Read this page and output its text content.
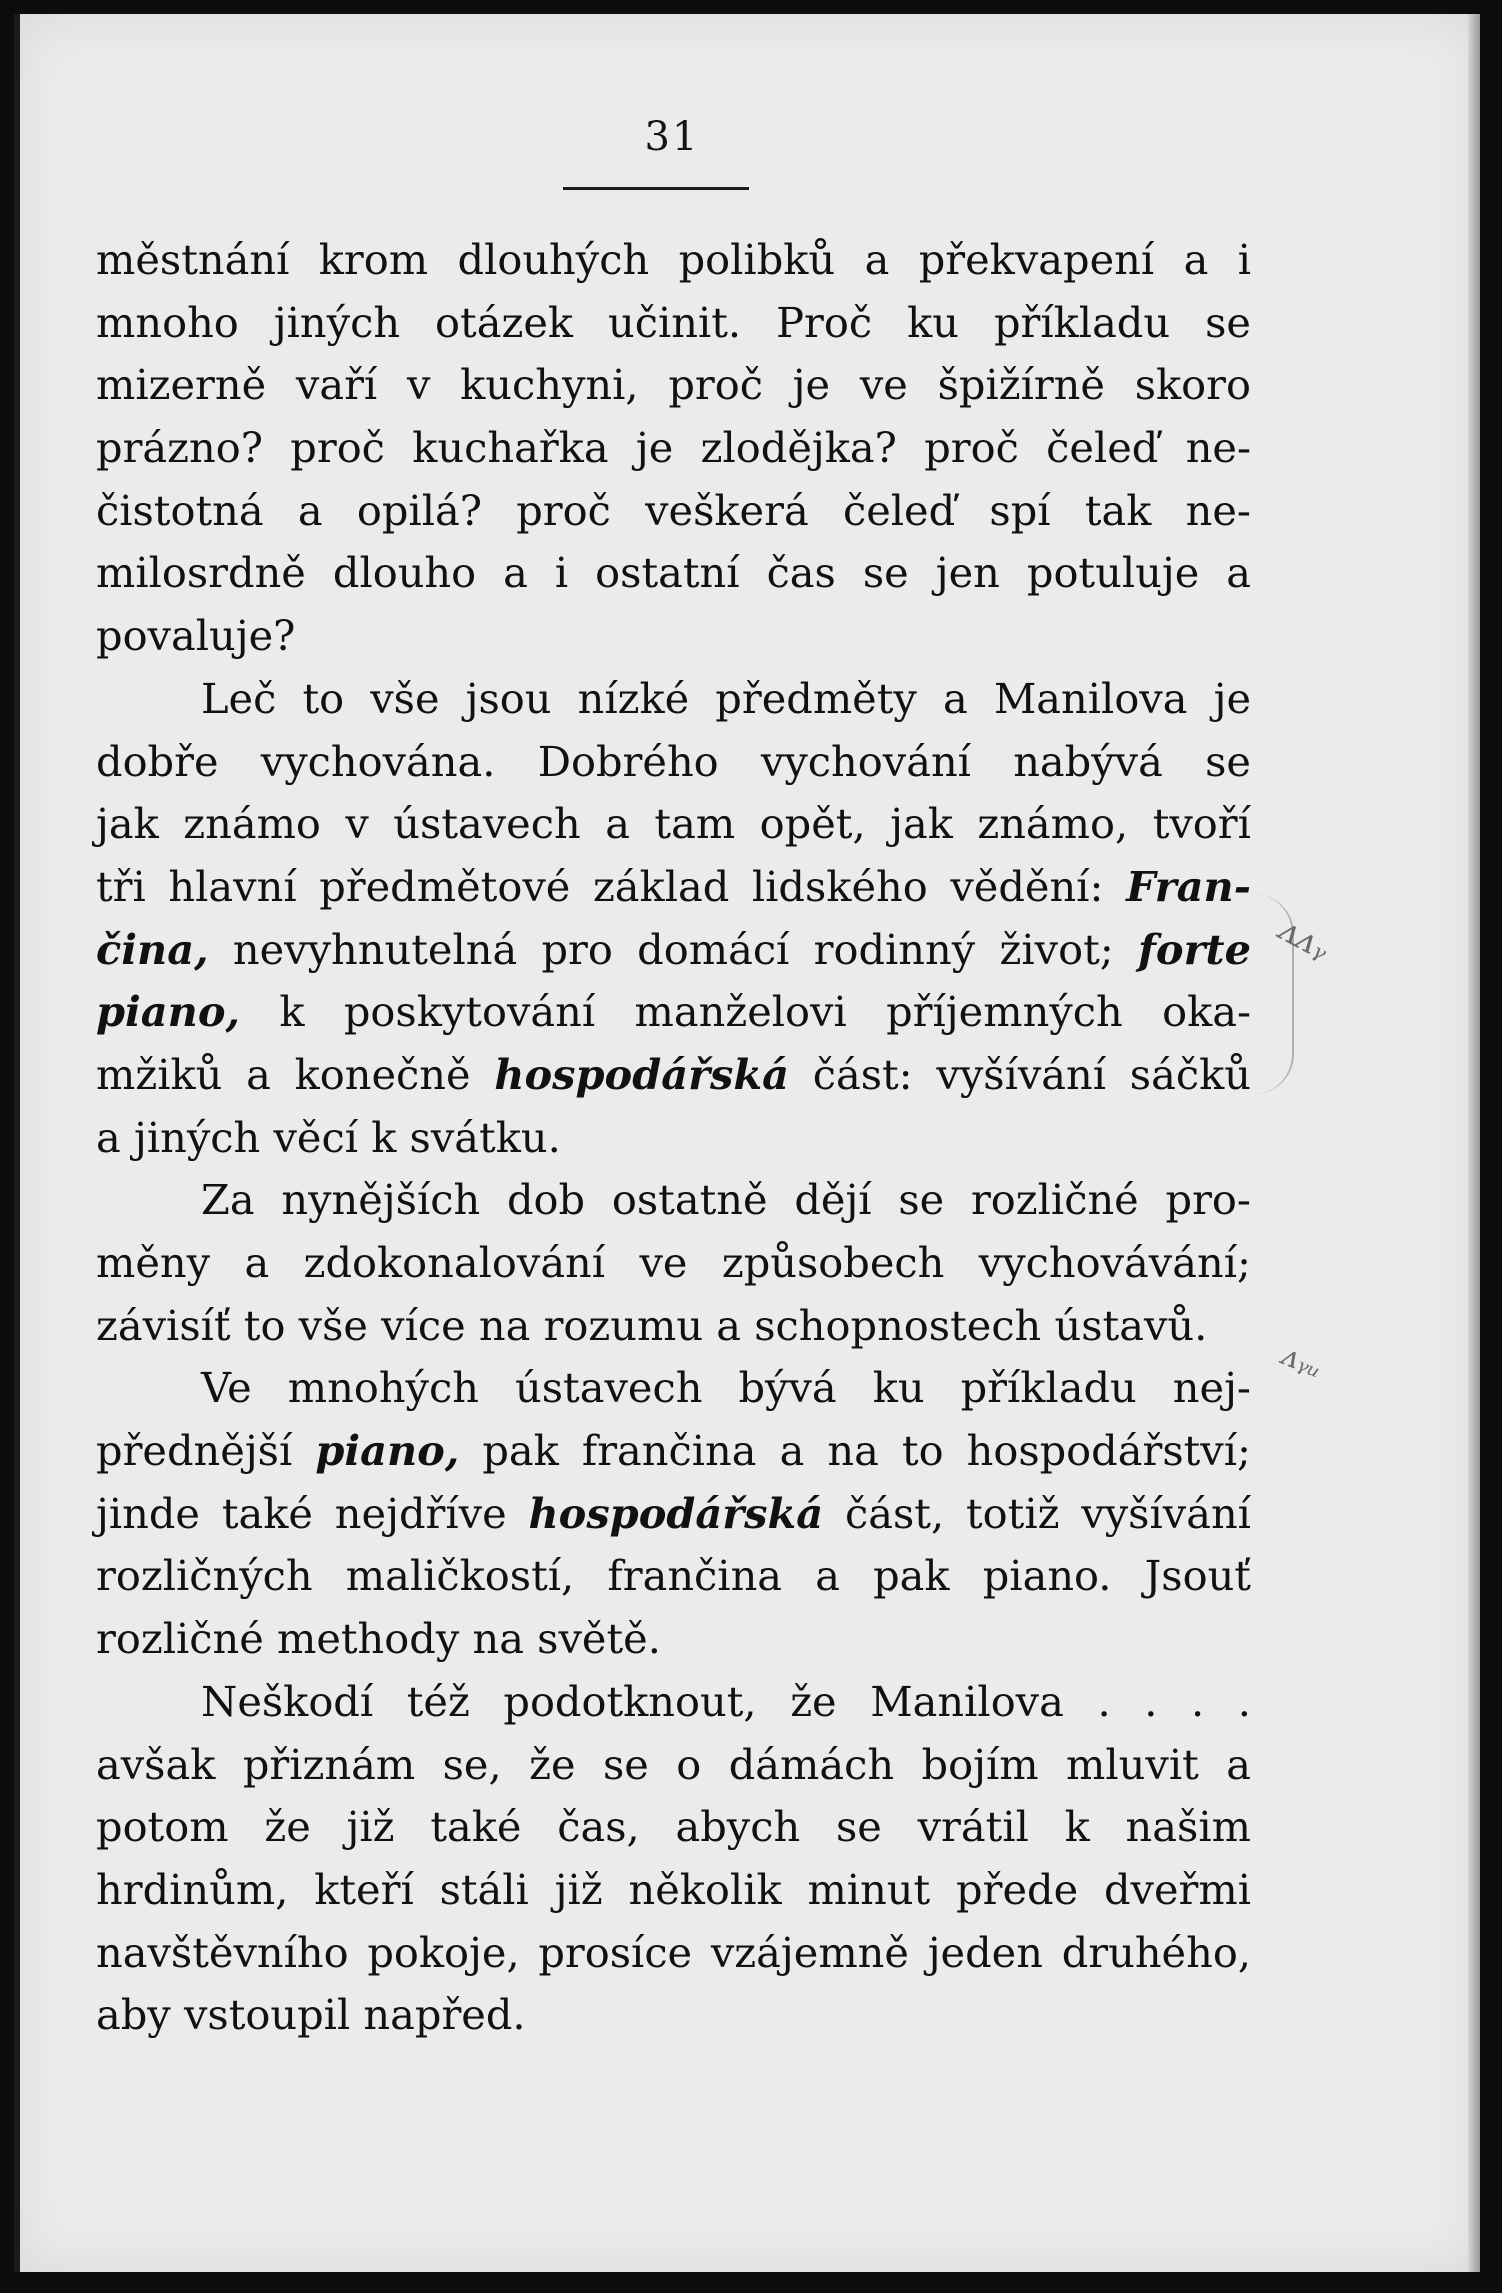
31
městnání krom dlouhých polibků a překvapení a i
mnoho jiných otázek učinit. Proč ku příkladu se
mizerně vaří v kuchyni, proč je ve špižírně skoro
prázno? proč kuchařka je zlodějka? proč čeleď ne-
čistotná a opilá? proč veškerá čeleď spí tak ne-
milosrdně dlouho a i ostatní čas se jen potuluje a
povaluje?
Leč to vše jsou nízké předměty a Manilova je
dobře vychována. Dobrého vychování nabývá se
jak známo v ústavech a tam opět, jak známo, tvoří
tři hlavní předmětové základ lidského vědění: Fran-
čina, nevyhnutelná pro domácí rodinný život; forte
piano, k poskytování manželovi příjemných oka-
mžiků a konečně hospodářská část: vyšívání sáčků
a jiných věcí k svátku.
Za nynějších dob ostatně dějí se rozličné pro-
měny a zdokonalování ve způsobech vychovávání;
závisíť to vše více na rozumu a schopnostech ústavů.
Ve mnohých ústavech bývá ku příkladu nej-
přednější piano, pak frančina a na to hospodářství;
jinde také nejdříve hospodářská část, totiž vyšívání
rozličných maličkostí, frančina a pak piano. Jsouť
rozličné methody na světě.
Neškodí též podotknout, že Manilova . . . .
avšak přiznám se, že se o dámách bojím mluvit a
potom že již také čas, abych se vrátil k našim
hrdinům, kteří stáli již několik minut přede dveřmi
navštěvního pokoje, prosíce vzájemně jeden druhého,
aby vstoupil napřed.
ᴧᴧᵧ
ᴧᵧᵤ
